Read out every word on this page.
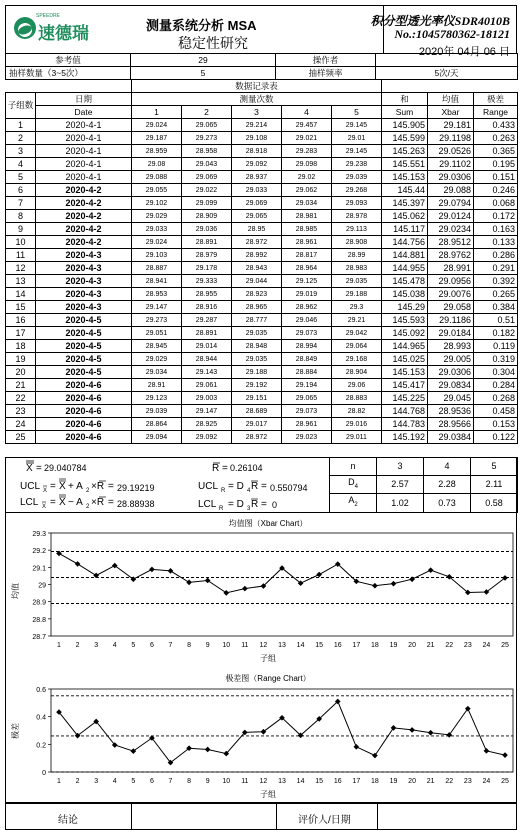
SPEEDRE
速德瑞	测量系统分析 MSA
稳定性研究
积分型透光率仪SDR4010B
No.:1045780362-18121
2020年 04月 06 日
参考值	29	操作者	
抽样数量（3~5次）	5	抽样频率	5次/天
		数据记录表							
子组数	日期	测量次数					和	均值	极差
	Date	1	2	3	4	5	Sum	Xbar	Range
1	2020-4-1	29.024	29.065	29.214	29.457	29.145	145.905	29.181	0.433
2	2020-4-1	29.187	29.273	29.108	29.021	29.01	145.599	29.1198	0.263
3	2020-4-1	28.959	28.958	28.918	29.283	29.145	145.263	29.0526	0.365
4	2020-4-1	29.08	29.043	29.092	29.098	29.238	145.551	29.1102	0.195
5	2020-4-1	29.088	29.069	28.937	29.02	29.039	145.153	29.0306	0.151
6	2020-4-2	29.055	29.022	29.033	29.062	29.268	145.44	29.088	0.246
7	2020-4-2	29.102	29.099	29.069	29.034	29.093	145.397	29.0794	0.068
8	2020-4-2	29.029	28.909	29.065	28.981	28.978	145.062	29.0124	0.172
9	2020-4-2	29.033	29.036	28.95	28.985	29.113	145.117	29.0234	0.163
10	2020-4-2	29.024	28.891	28.972	28.961	28.908	144.756	28.9512	0.133
11	2020-4-3	29.103	28.979	28.992	28.817	28.99	144.881	28.9762	0.286
12	2020-4-3	28.887	29.178	28.943	28.964	28.983	144.955	28.991	0.291
13	2020-4-3	28.941	29.333	29.044	29.125	29.035	145.478	29.0956	0.392
14	2020-4-3	28.953	28.955	28.923	29.019	29.188	145.038	29.0076	0.265
15	2020-4-3	29.147	28.916	28.965	28.962	29.3	145.29	29.058	0.384
16	2020-4-5	29.273	29.287	28.777	29.046	29.21	145.593	29.1186	0.51
17	2020-4-5	29.051	28.891	29.035	29.073	29.042	145.092	29.0184	0.182
18	2020-4-5	28.945	29.014	28.948	28.994	29.064	144.965	28.993	0.119
19	2020-4-5	29.029	28.944	29.035	28.849	29.168	145.025	29.005	0.319
20	2020-4-5	29.034	29.143	29.188	28.884	28.904	145.153	29.0306	0.304
21	2020-4-6	28.91	29.061	29.192	29.194	29.06	145.417	29.0834	0.284
22	2020-4-6	29.123	29.003	29.151	29.065	28.883	145.225	29.045	0.268
23	2020-4-6	29.039	29.147	28.689	29.073	28.82	144.768	28.9536	0.458
24	2020-4-6	28.864	28.925	29.017	28.961	29.016	144.783	28.9566	0.153
25	2020-4-6	29.094	29.092	28.972	29.023	29.011	145.192	29.0384	0.122
X = 29.040784	R = 0.26104
UCL X = X + A 2 ×R = 29.19219	UCL R = D 4 R = 0.550794
LCL X = X − A 2 ×R = 28.88938	LCL R = D 3 R = 0
n	3	4	5
$D_4$	2.57	2.28	2.11
$A_2$	1.02	0.73	0.58
均值图（Xbar Chart）
均值
子组
28.7
28.8
28.9
29
29.1
29.2
29.3
1 2 3 4 5 6 7 8 9 10 11 12 13 14 15 16 17 18 19 20 21 22 23 24 25
极差图（Range Chart）
极差
子组
0
0.2
0.4
0.6
1 2 3 4 5 6 7 8 9 10 11 12 13 14 15 16 17 18 19 20 21 22 23 24 25
结论	评价人/日期
